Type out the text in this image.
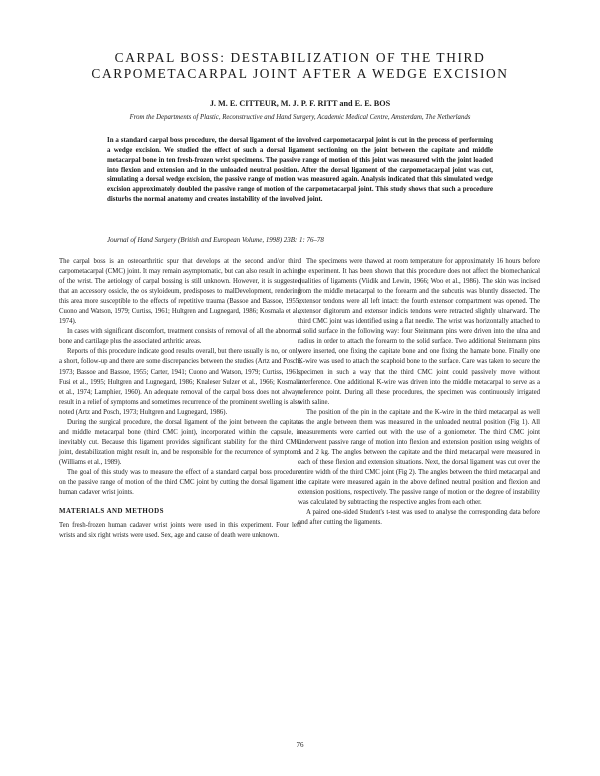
CARPAL BOSS: DESTABILIZATION OF THE THIRD
CARPOMETACARPAL JOINT AFTER A WEDGE EXCISION
J. M. E. CITTEUR, M. J. P. F. RITT and E. E. BOS
From the Departments of Plastic, Reconstructive and Hand Surgery, Academic Medical Centre, Amsterdam, The Netherlands

In a standard carpal boss procedure, the dorsal ligament of the involved carpometacarpal joint is cut in the process of performing a wedge excision. We studied the effect of such a dorsal ligament sectioning on the joint between the capitate and middle metacarpal bone in ten fresh-frozen wrist specimens. The passive range of motion of this joint was measured with the joint loaded into flexion and extension and in the unloaded neutral position. After the dorsal ligament of the carpometacarpal joint was cut, simulating a dorsal wedge excision, the passive range of motion was measured again. Analysis indicated that this simulated wedge excision approximately doubled the passive range of motion of the carpometacarpal joint. This study shows that such a procedure disturbs the normal anatomy and creates instability of the involved joint.

Journal of Hand Surgery (British and European Volume, 1998) 23B: 1: 76–78

The carpal boss is an osteoarthritic spur that develops at the second and/or third carpometacarpal (CMC) joint. It may remain asymptomatic, but can also result in aching of the wrist. The aetiology of carpal bossing is still unknown. However, it is suggested that an accessory ossicle, the os styloideum, predisposes to malDevelopment, rendering this area more susceptible to the effects of repetitive trauma (Bassoe and Bassoe, 1955; Cuono and Watson, 1979; Curtiss, 1961; Hultgren and Lugnegard, 1986; Kosmala et al., 1974).

In cases with significant discomfort, treatment consists of removal of all the abnormal bone and cartilage plus the associated arthritic areas.

Reports of this procedure indicate good results overall, but there usually is no, or only a short, follow-up and there are some discrepancies between the studies (Artz and Posch, 1973; Bassoe and Bassoe, 1955; Carter, 1941; Cuono and Watson, 1979; Curtiss, 1961; Fusi et al., 1995; Hultgren and Lugnegard, 1986; Knaleser Sulzer et al., 1966; Kosmala et al., 1974; Lamphier, 1960). An adequate removal of the carpal boss does not always result in a relief of symptoms and sometimes recurrence of the prominent swelling is also noted (Artz and Posch, 1973; Hultgren and Lugnegard, 1986).

During the surgical procedure, the dorsal ligament of the joint between the capitate and middle metacarpal bone (third CMC joint), incorporated within the capsule, is inevitably cut. Because this ligament provides significant stability for the third CMC joint, destabilization might result in, and be responsible for the recurrence of symptoms (Williams et al., 1989).

The goal of this study was to measure the effect of a standard carpal boss procedure on the passive range of motion of the third CMC joint by cutting the dorsal ligament in human cadaver wrist joints.

MATERIALS AND METHODS

Ten fresh-frozen human cadaver wrist joints were used in this experiment. Four left wrists and six right wrists were used. Sex, age and cause of death were unknown.

The specimens were thawed at room temperature for approximately 16 hours before the experiment. It has been shown that this procedure does not affect the biomechanical qualities of ligaments (Viidik and Lewin, 1966; Woo et al., 1986). The skin was incised from the middle metacarpal to the forearm and the subcutis was bluntly dissected. The extensor tendons were all left intact: the fourth extensor compartment was opened. The extensor digitorum and extensor indicis tendons were retracted slightly ulnarward. The third CMC joint was identified using a flat needle. The wrist was horizontally attached to a solid surface in the following way: four Steinmann pins were driven into the ulna and radius in order to attach the forearm to the solid surface. Two additional Steinmann pins were inserted, one fixing the capitate bone and one fixing the hamate bone. Finally one K-wire was used to attach the scaphoid bone to the surface. Care was taken to secure the specimen in such a way that the third CMC joint could passively move without interference. One additional K-wire was driven into the middle metacarpal to serve as a reference point. During all these procedures, the specimen was continuously irrigated with saline.

The position of the pin in the capitate and the K-wire in the third metacarpal as well as the angle between them was measured in the unloaded neutral position (Fig 1). All measurements were carried out with the use of a goniometer. The third CMC joint underwent passive range of motion into flexion and extension position using weights of 1 and 2 kg. The angles between the capitate and the third metacarpal were measured in each of these flexion and extension situations. Next, the dorsal ligament was cut over the entire width of the third CMC joint (Fig 2). The angles between the third metacarpal and the capitate were measured again in the above defined neutral position and flexion and extension positions, respectively. The passive range of motion or the degree of instability was calculated by subtracting the respective angles from each other.

A paired one-sided Student's t-test was used to analyse the corresponding data before and after cutting the ligaments.

76
